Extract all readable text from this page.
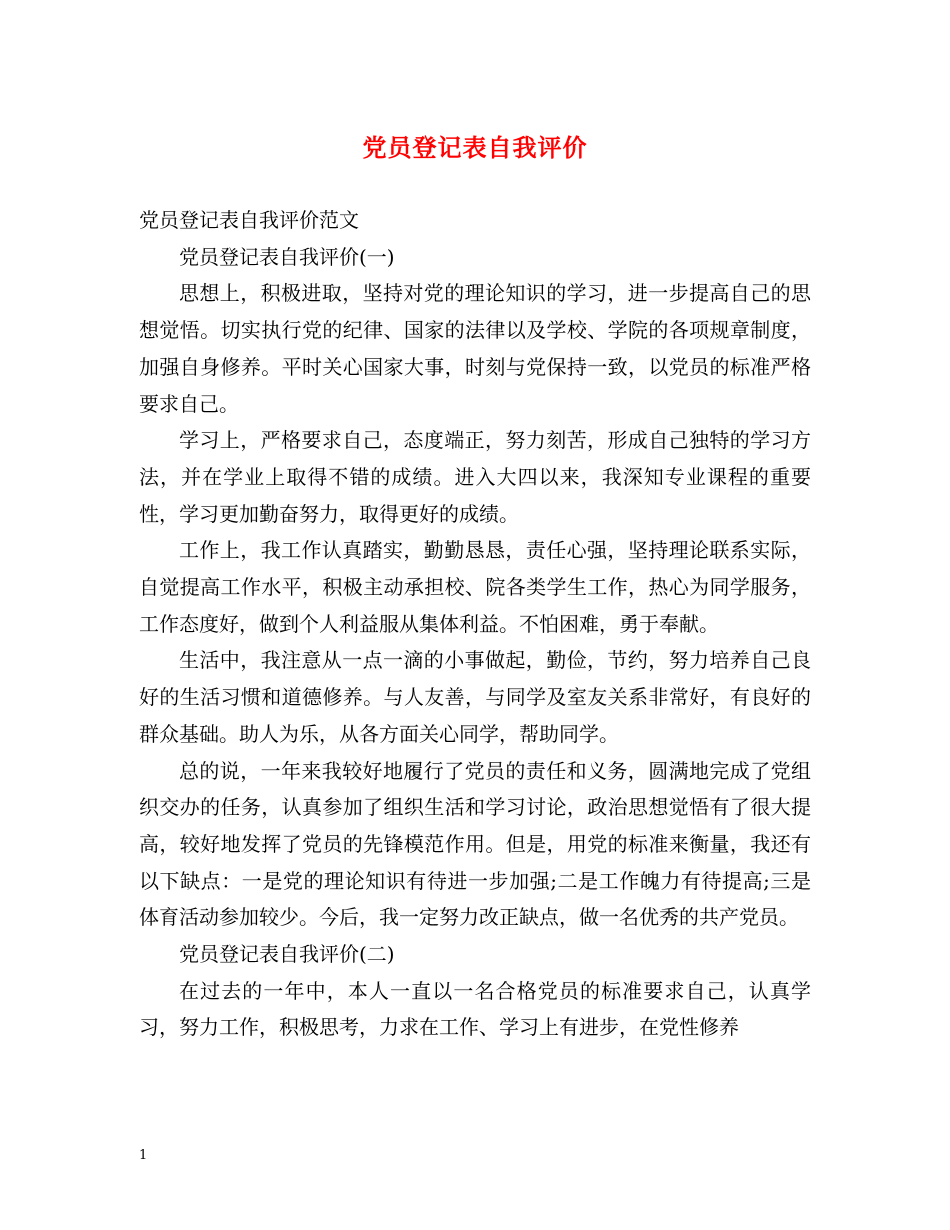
党员登记表自我评价

党员登记表自我评价范文

党员登记表自我评价(一)

思想上，积极进取，坚持对党的理论知识的学习，进一步提高自己的思想觉悟。切实执行党的纪律、国家的法律以及学校、学院的各项规章制度，加强自身修养。平时关心国家大事，时刻与党保持一致，以党员的标准严格要求自己。

学习上，严格要求自己，态度端正，努力刻苦，形成自己独特的学习方法，并在学业上取得不错的成绩。进入大四以来，我深知专业课程的重要性，学习更加勤奋努力，取得更好的成绩。

工作上，我工作认真踏实，勤勤恳恳，责任心强，坚持理论联系实际，自觉提高工作水平，积极主动承担校、院各类学生工作，热心为同学服务，工作态度好，做到个人利益服从集体利益。不怕困难，勇于奉献。

生活中，我注意从一点一滴的小事做起，勤俭，节约，努力培养自己良好的生活习惯和道德修养。与人友善，与同学及室友关系非常好，有良好的群众基础。助人为乐，从各方面关心同学，帮助同学。

总的说，一年来我较好地履行了党员的责任和义务，圆满地完成了党组织交办的任务，认真参加了组织生活和学习讨论，政治思想觉悟有了很大提高，较好地发挥了党员的先锋模范作用。但是，用党的标准来衡量，我还有以下缺点：一是党的理论知识有待进一步加强;二是工作魄力有待提高;三是体育活动参加较少。今后，我一定努力改正缺点，做一名优秀的共产党员。

党员登记表自我评价(二)

在过去的一年中，本人一直以一名合格党员的标准要求自己，认真学习，努力工作，积极思考，力求在工作、学习上有进步，在党性修养

1
